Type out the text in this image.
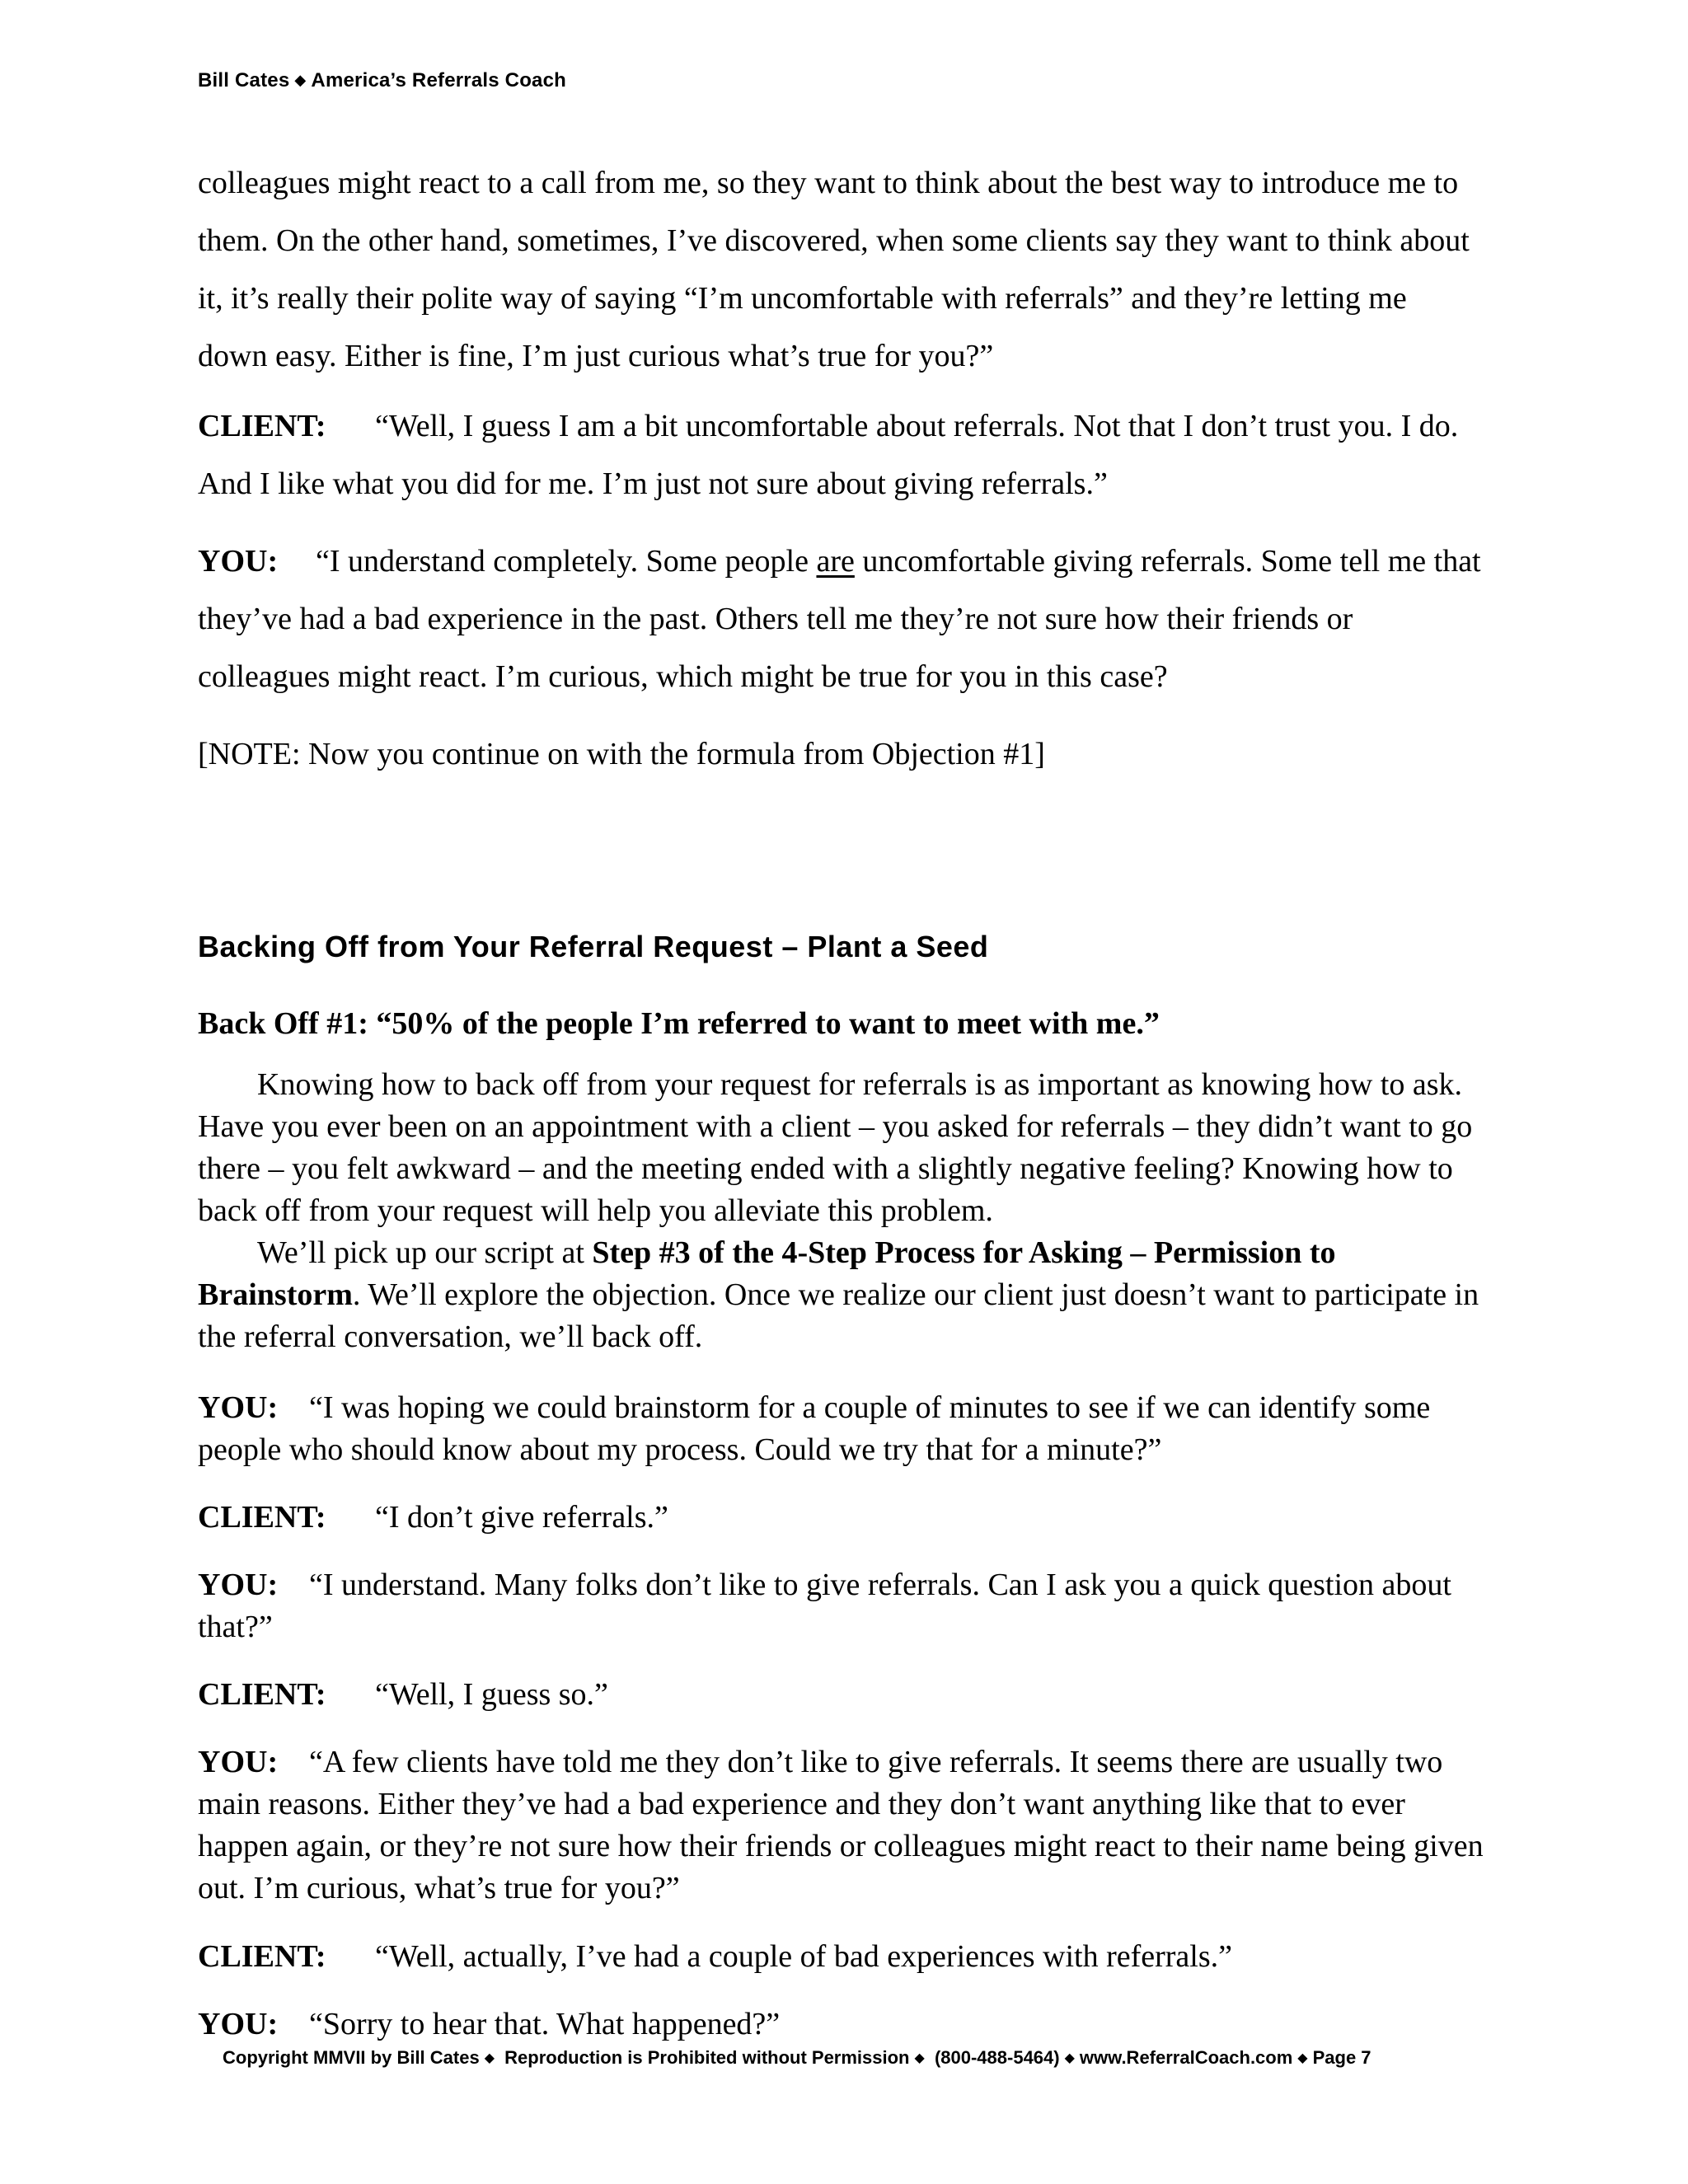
Bill Cates ◆ America’s Referrals Coach

colleagues might react to a call from me, so they want to think about the best way to introduce me to them. On the other hand, sometimes, I’ve discovered, when some clients say they want to think about it, it’s really their polite way of saying “I’m uncomfortable with referrals” and they’re letting me down easy. Either is fine, I’m just curious what’s true for you?”

CLIENT: “Well, I guess I am a bit uncomfortable about referrals. Not that I don’t trust you. I do. And I like what you did for me. I’m just not sure about giving referrals.”

YOU: “I understand completely. Some people are uncomfortable giving referrals. Some tell me that they’ve had a bad experience in the past. Others tell me they’re not sure how their friends or colleagues might react. I’m curious, which might be true for you in this case?

[NOTE: Now you continue on with the formula from Objection #1]

Backing Off from Your Referral Request – Plant a Seed

Back Off #1: “50% of the people I’m referred to want to meet with me.”

Knowing how to back off from your request for referrals is as important as knowing how to ask. Have you ever been on an appointment with a client – you asked for referrals – they didn’t want to go there – you felt awkward – and the meeting ended with a slightly negative feeling? Knowing how to back off from your request will help you alleviate this problem.

We’ll pick up our script at Step #3 of the 4-Step Process for Asking – Permission to Brainstorm. We’ll explore the objection. Once we realize our client just doesn’t want to participate in the referral conversation, we’ll back off.

YOU: “I was hoping we could brainstorm for a couple of minutes to see if we can identify some people who should know about my process. Could we try that for a minute?”

CLIENT: “I don’t give referrals.”

YOU: “I understand. Many folks don’t like to give referrals. Can I ask you a quick question about that?”

CLIENT: “Well, I guess so.”

YOU: “A few clients have told me they don’t like to give referrals. It seems there are usually two main reasons. Either they’ve had a bad experience and they don’t want anything like that to ever happen again, or they’re not sure how their friends or colleagues might react to their name being given out. I’m curious, what’s true for you?”

CLIENT: “Well, actually, I’ve had a couple of bad experiences with referrals.”

YOU: “Sorry to hear that. What happened?”

Copyright MMVII by Bill Cates ◆ Reproduction is Prohibited without Permission ◆ (800-488-5464) ◆ www.ReferralCoach.com ◆ Page 7
